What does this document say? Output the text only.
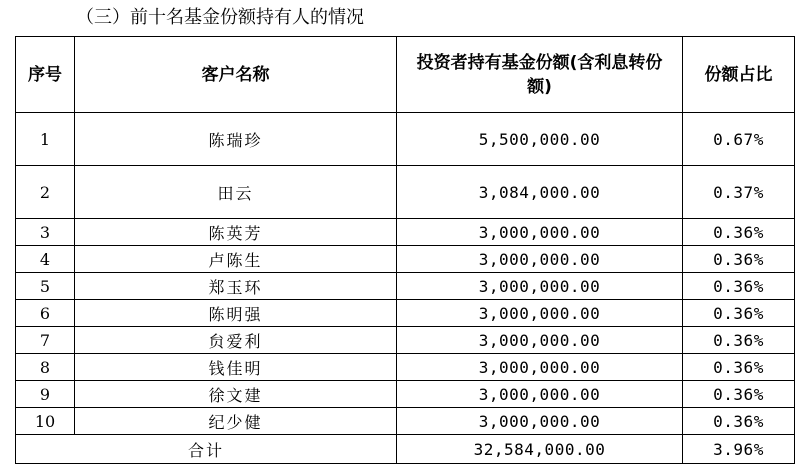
（三）前十名基金份额持有人的情况
序号	客户名称	投资者持有基金份额(含利息转份额)	份额占比
1	陈瑞珍	5,500,000.00	0.67%
2	田云	3,084,000.00	0.37%
3	陈英芳	3,000,000.00	0.36%
4	卢陈生	3,000,000.00	0.36%
5	郑玉环	3,000,000.00	0.36%
6	陈明强	3,000,000.00	0.36%
7	贠爱利	3,000,000.00	0.36%
8	钱佳明	3,000,000.00	0.36%
9	徐文建	3,000,000.00	0.36%
10	纪少健	3,000,000.00	0.36%
合计		32,584,000.00	3.96%
